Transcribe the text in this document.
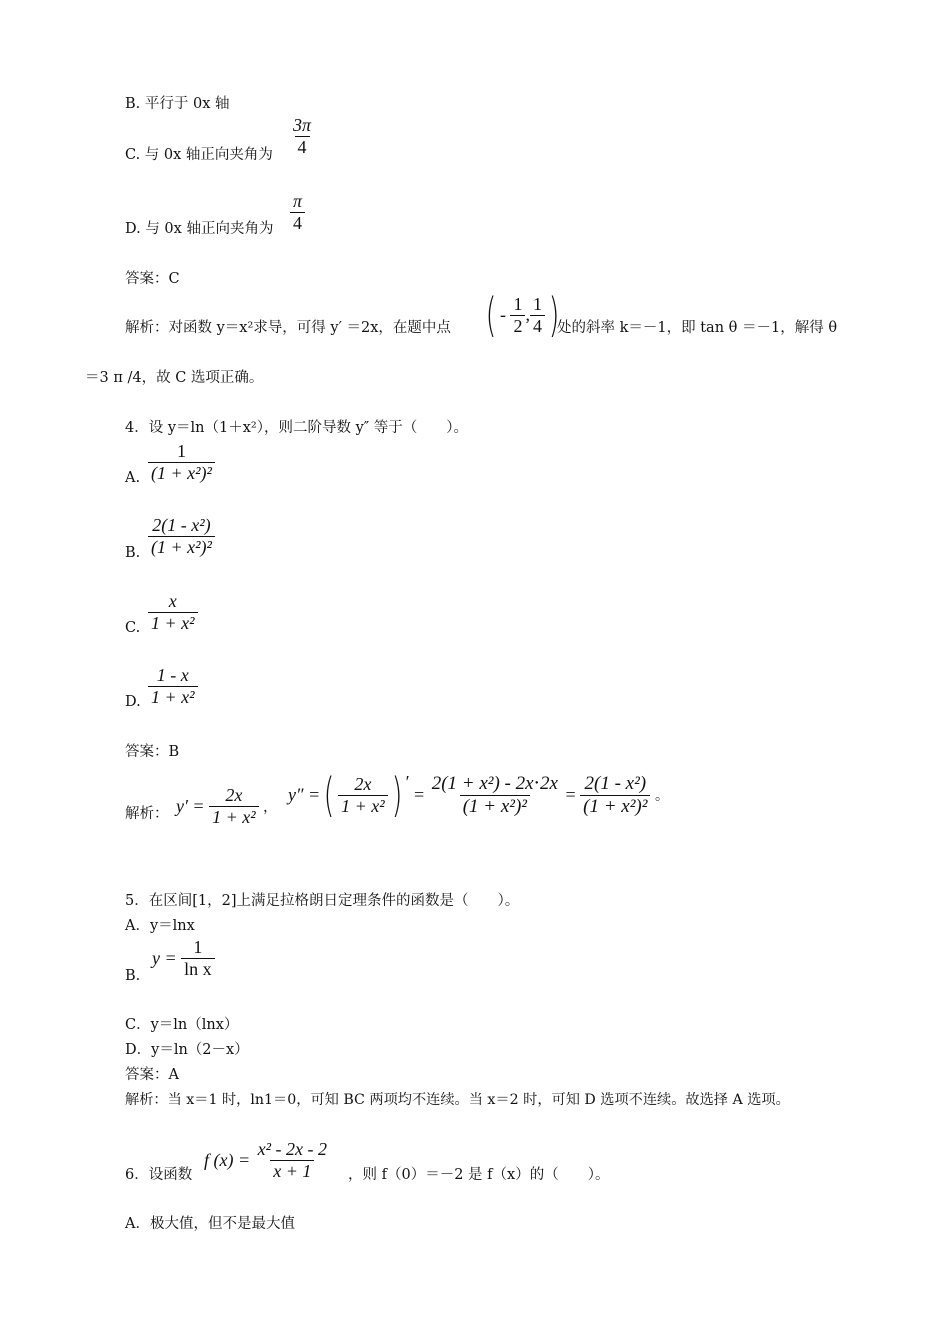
B. 平行于 0x 轴
C. 与 0x 轴正向夹角为 $\frac{3\pi}{4}$
D. 与 0x 轴正向夹角为 $\frac{\pi}{4}$
答案：C
解析：对函数 y＝x²求导，可得 y′ ＝2x，在题中点 ( - $\frac{1}{2}$ , $\frac{1}{4}$ )
处的斜率 k＝－1，即 tan θ ＝－1，解得 θ
＝3 π /4，故 C 选项正确。
4．设 y＝ln（1＋x²），则二阶导数 y″ 等于（　　）。
A. $\frac{1}{\text{(1 + x²)²}}$
B. $\frac{\text{2(1 - x²)}}{\text{(1 + x²)²}}$
C. $\frac{x}{\text{1 + x²}}$
D. $\frac{1 - x}{\text{1 + x²}}$
答案：B
解析： $y' = \frac{2x}{\text{1 + x²}}$ ，
y″ =( $\frac{2x}{\text{1 + x²}}$ ) ′ = $\frac{\text{2(1 + x²) - 2x⋅2x}}{\text{(1 + x²)²}} = \frac{\text{2(1 - x²)}}{\text{(1 + x²)²}}$ 。
5．在区间[1，2]上满足拉格朗日定理条件的函数是（　　）。
A．y＝lnx
B.
$y = \frac{1}{\text{ln x}}$
C．y＝ln（lnx）
D．y＝ln（2－x）
答案：A
解析：当 x＝1 时，ln1＝0，可知 BC 两项均不连续。当 x＝2 时，可知 D 选项不连续。故选择 A 选项。
6．设函数
f $(x) = \frac{\text{x² - 2x - 2}}{x + 1}$ ，则 f（0）＝－2 是 f（x）的（　　）。
A．极大值，但不是最大值
